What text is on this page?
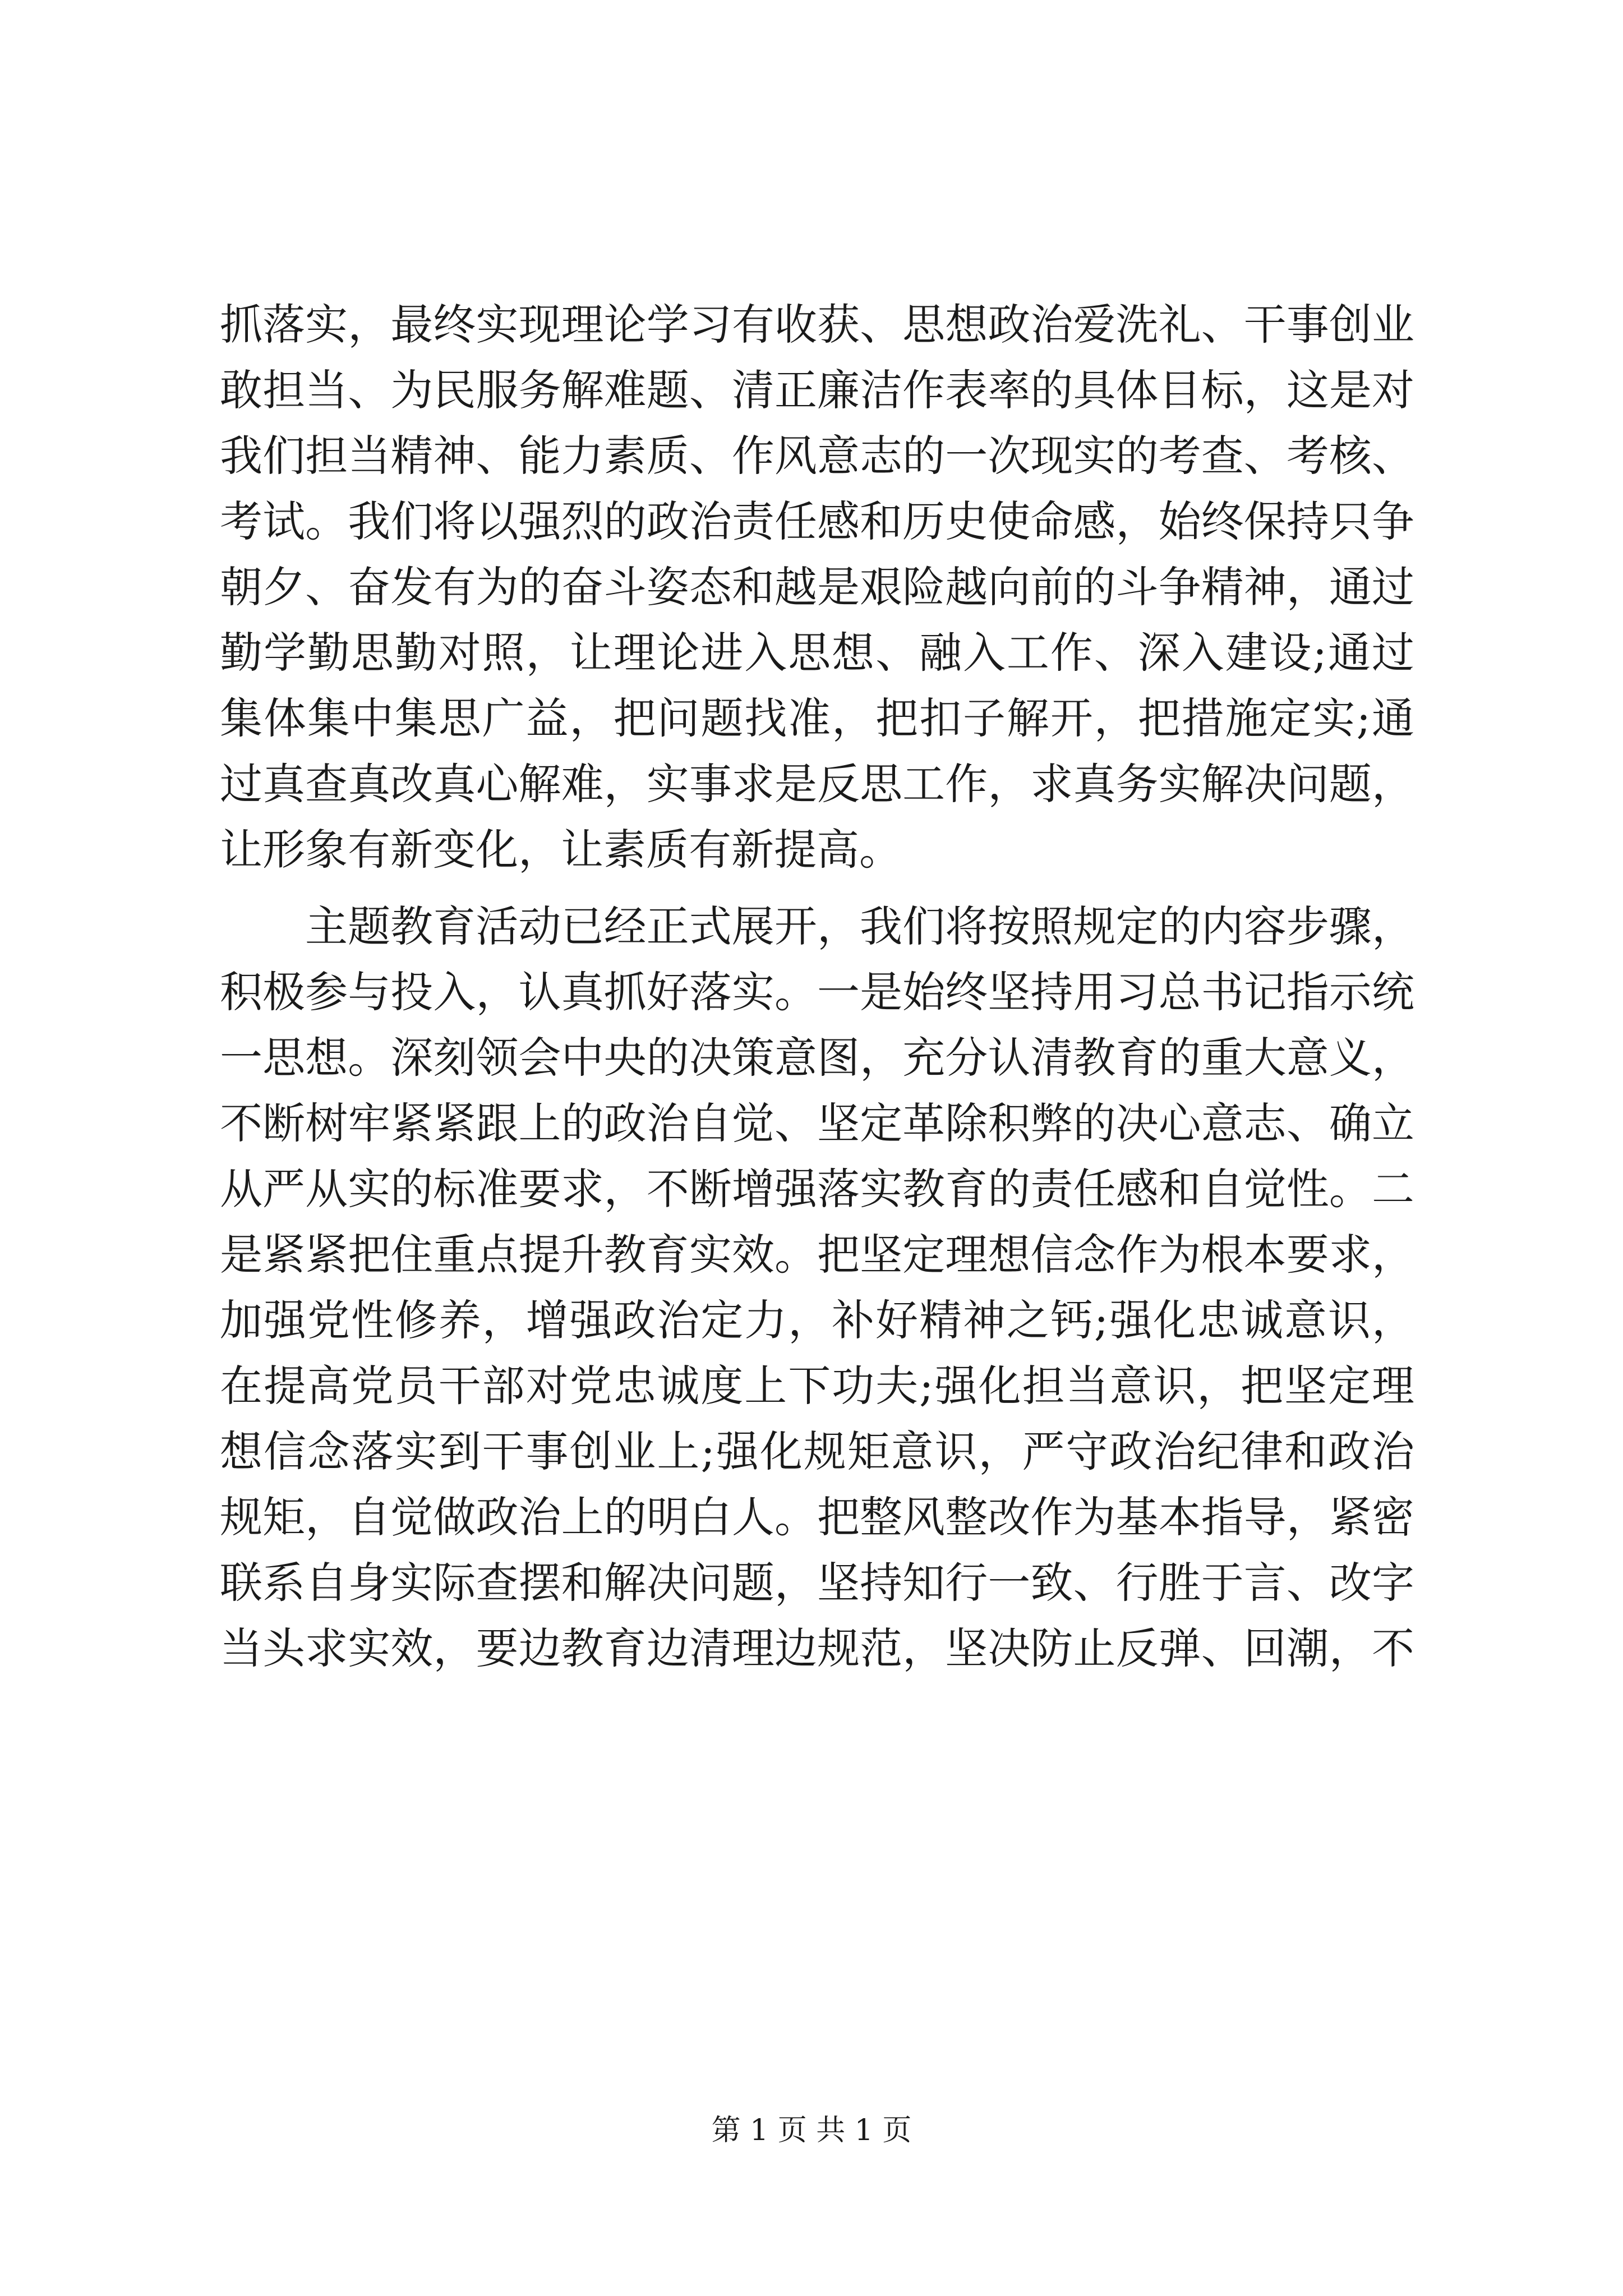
抓落实，最终实现理论学习有收获、思想政治爱洗礼、干事创业
敢担当、为民服务解难题、清正廉洁作表率的具体目标，这是对
我们担当精神、能力素质、作风意志的一次现实的考查、考核、
考试。我们将以强烈的政治责任感和历史使命感，始终保持只争
朝夕、奋发有为的奋斗姿态和越是艰险越向前的斗争精神，通过
勤学勤思勤对照，让理论进入思想、融入工作、深入建设;通过
集体集中集思广益，把问题找准，把扣子解开，把措施定实;通
过真查真改真心解难，实事求是反思工作，求真务实解决问题，
让形象有新变化，让素质有新提高。
主题教育活动已经正式展开，我们将按照规定的内容步骤，
积极参与投入，认真抓好落实。一是始终坚持用习总书记指示统
一思想。深刻领会中央的决策意图，充分认清教育的重大意义，
不断树牢紧紧跟上的政治自觉、坚定革除积弊的决心意志、确立
从严从实的标准要求，不断增强落实教育的责任感和自觉性。二
是紧紧把住重点提升教育实效。把坚定理想信念作为根本要求，
加强党性修养，增强政治定力，补好精神之钙;强化忠诚意识，
在提高党员干部对党忠诚度上下功夫;强化担当意识，把坚定理
想信念落实到干事创业上;强化规矩意识，严守政治纪律和政治
规矩，自觉做政治上的明白人。把整风整改作为基本指导，紧密
联系自身实际查摆和解决问题，坚持知行一致、行胜于言、改字
当头求实效，要边教育边清理边规范，坚决防止反弹、回潮，不
第 1 页 共 1 页
